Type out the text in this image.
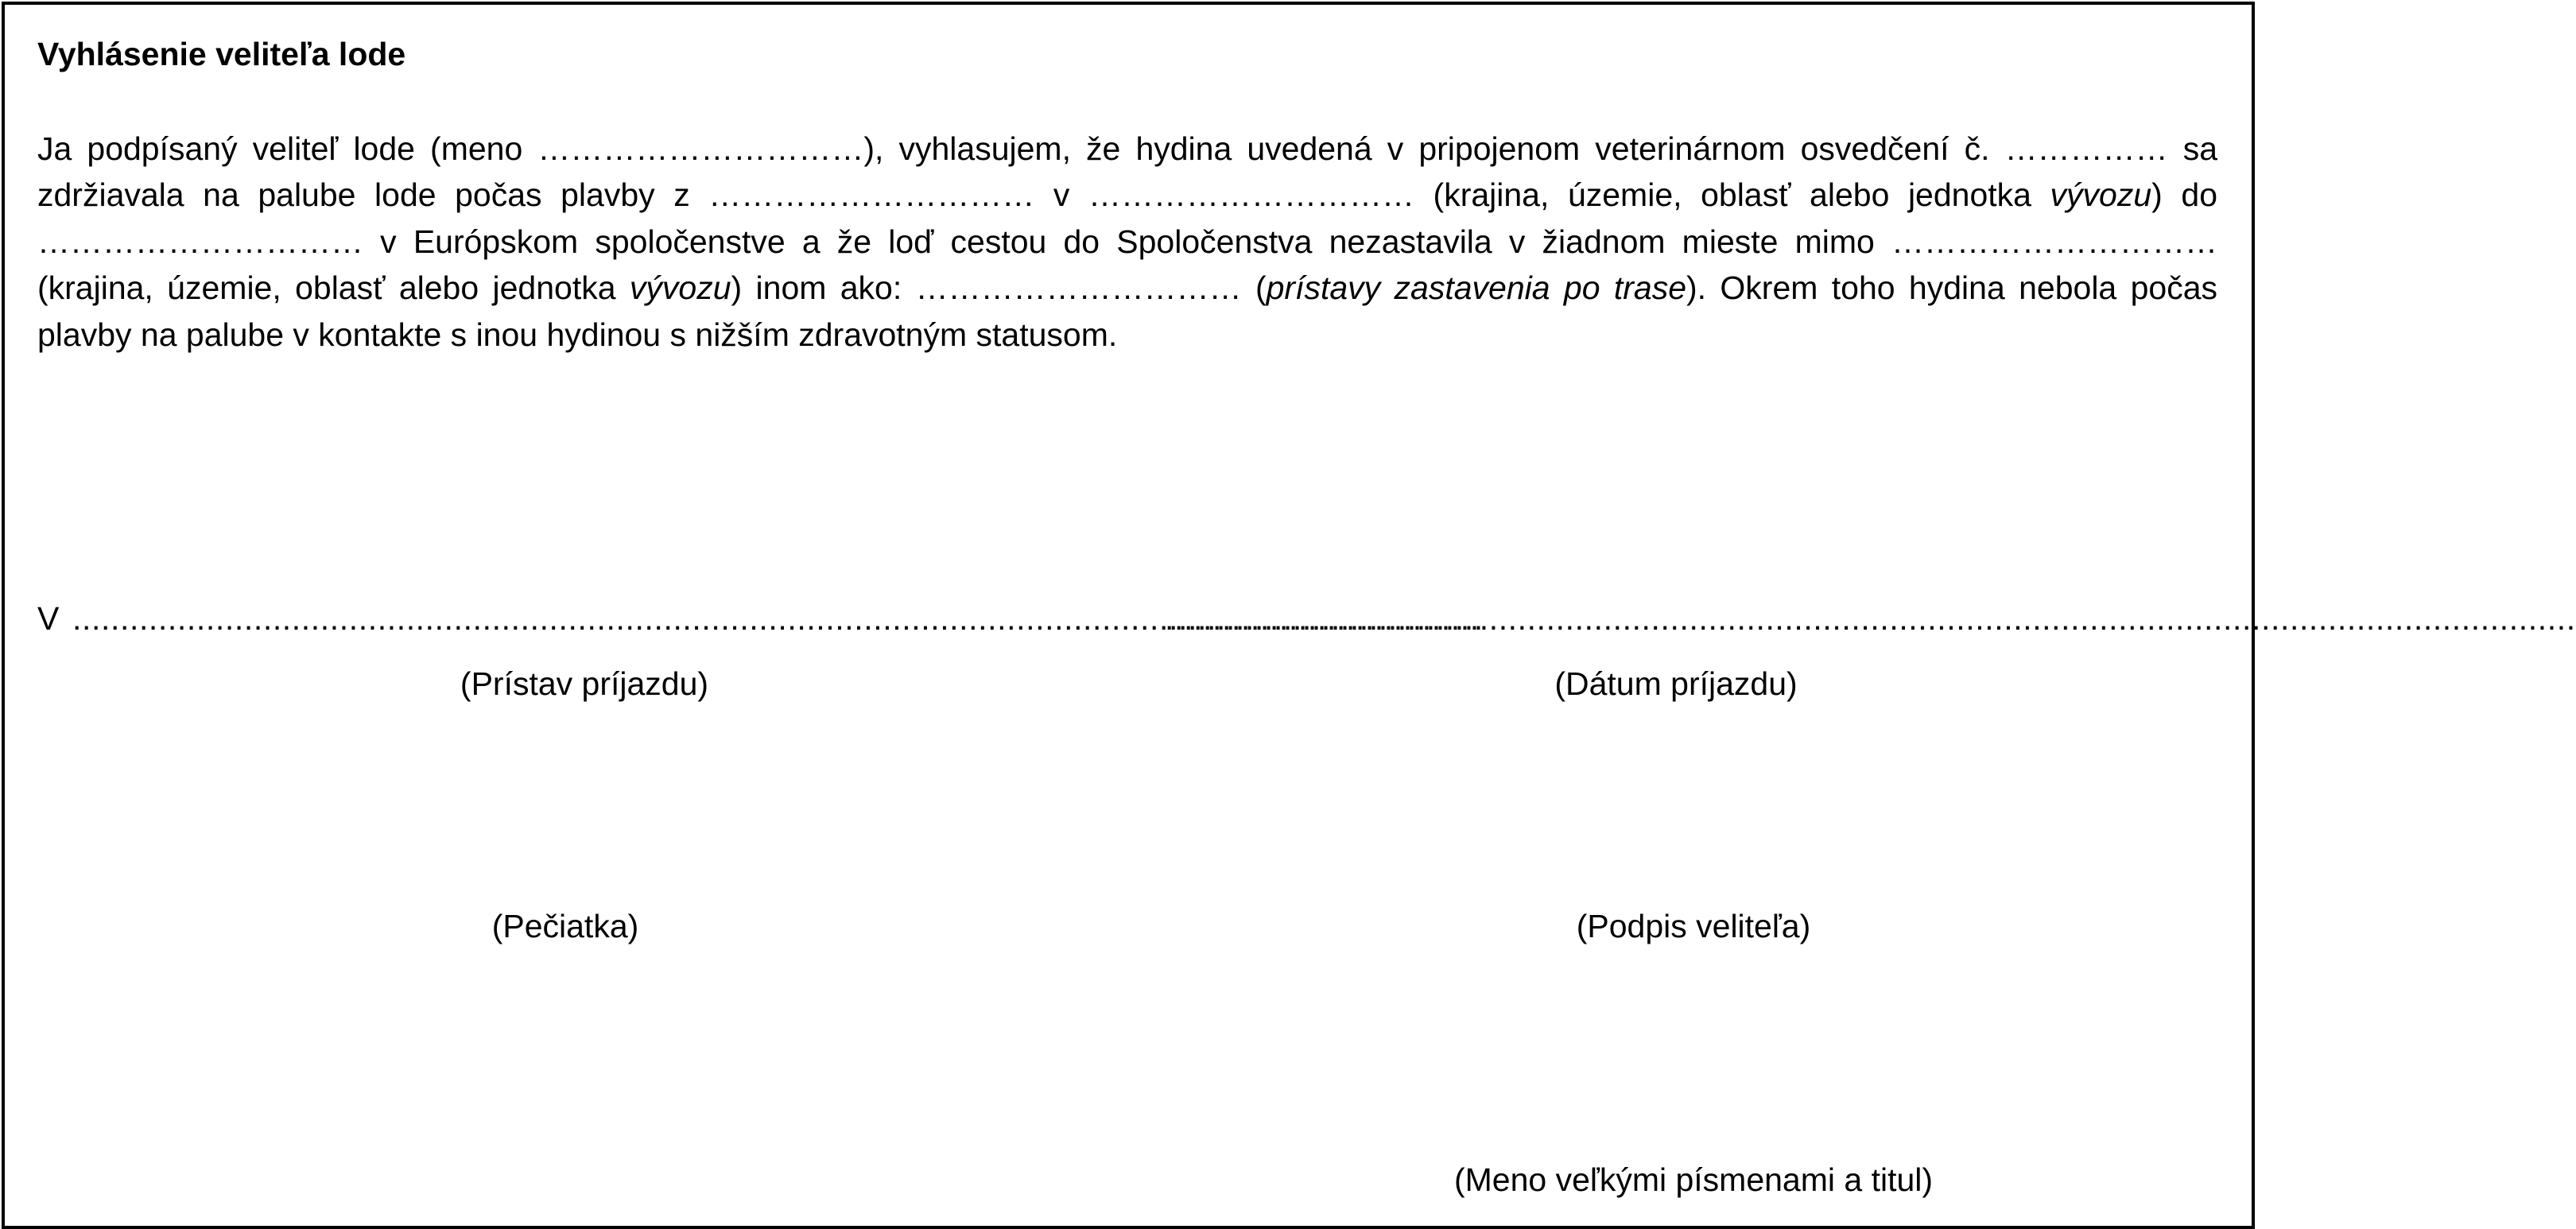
Vyhlásenie veliteľa lode

Ja podpísaný veliteľ lode (meno …………………………), vyhlasujem, že hydina uvedená v pripojenom veterinárnom osvedčení č. …………… sa zdržiavala na palube lode počas plavby z ………………………… v ………………………… (krajina, územie, oblasť alebo jednotka vývozu) do ………………………… v Európskom spoločenstve a že loď cestou do Spoločenstva nezastavila v žiadnom mieste mimo ………………………… (krajina, územie, oblasť alebo jednotka vývozu) inom ako: ………………………… (prístavy zastavenia po trase). Okrem toho hydina nebola počas plavby na palube v kontakte s inou hydinou s nižším zdravotným statusom.

V ....................................................................................................................................................
....................................................................................................................................................
(Prístav príjazdu)	(Dátum príjazdu)
(Pečiatka)	(Podpis veliteľa)
(Meno veľkými písmenami a titul)
